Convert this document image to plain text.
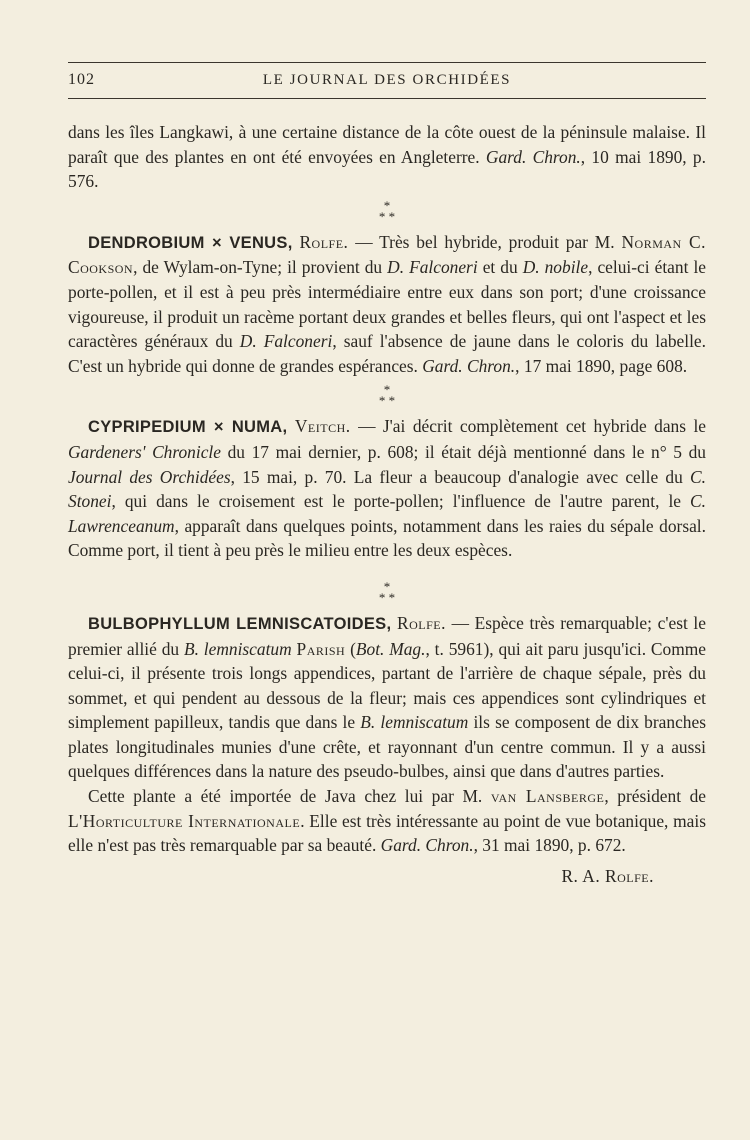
102	LE JOURNAL DES ORCHIDÉES

dans les îles Langkawi, à une certaine distance de la côte ouest de la péninsule malaise. Il paraît que des plantes en ont été envoyées en Angleterre. Gard. Chron., 10 mai 1890, p. 576.

*
* *

DENDROBIUM × VENUS, Rolfe. — Très bel hybride, produit par M. Norman C. Cookson, de Wylam-on-Tyne; il provient du D. Falconeri et du D. nobile, celui-ci étant le porte-pollen, et il est à peu près intermédiaire entre eux dans son port; d'une croissance vigoureuse, il produit un racème portant deux grandes et belles fleurs, qui ont l'aspect et les caractères généraux du D. Falconeri, sauf l'absence de jaune dans le coloris du labelle. C'est un hybride qui donne de grandes espérances. Gard. Chron., 17 mai 1890, page 608.

*
* *

CYPRIPEDIUM × NUMA, Veitch. — J'ai décrit complètement cet hybride dans le Gardeners' Chronicle du 17 mai dernier, p. 608; il était déjà mentionné dans le n° 5 du Journal des Orchidées, 15 mai, p. 70. La fleur a beaucoup d'analogie avec celle du C. Stonei, qui dans le croisement est le porte-pollen; l'influence de l'autre parent, le C. Lawrenceanum, apparaît dans quelques points, notamment dans les raies du sépale dorsal. Comme port, il tient à peu près le milieu entre les deux espèces.

*
* *

BULBOPHYLLUM LEMNISCATOIDES, Rolfe. — Espèce très remarquable; c'est le premier allié du B. lemniscatum Parish (Bot. Mag., t. 5961), qui ait paru jusqu'ici. Comme celui-ci, il présente trois longs appendices, partant de l'arrière de chaque sépale, près du sommet, et qui pendent au dessous de la fleur; mais ces appendices sont cylindriques et simplement papilleux, tandis que dans le B. lemniscatum ils se composent de dix branches plates longitudinales munies d'une crête, et rayonnant d'un centre commun. Il y a aussi quelques différences dans la nature des pseudo-bulbes, ainsi que dans d'autres parties.

Cette plante a été importée de Java chez lui par M. van Lansberge, président de L'Horticulture Internationale. Elle est très intéressante au point de vue botanique, mais elle n'est pas très remarquable par sa beauté. Gard. Chron., 31 mai 1890, p. 672.

R. A. Rolfe.
